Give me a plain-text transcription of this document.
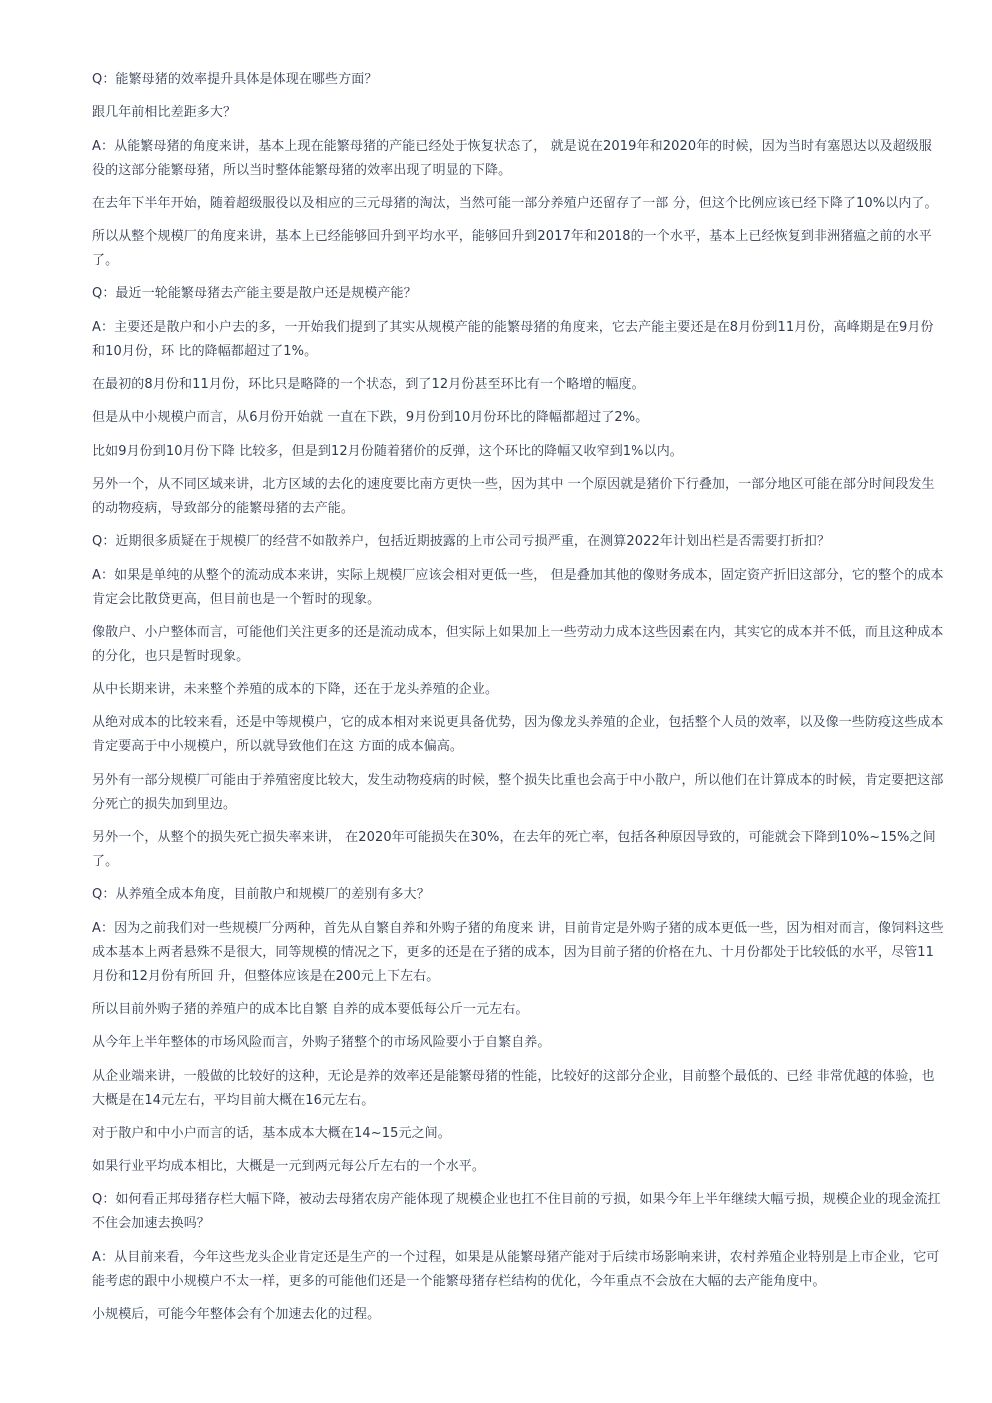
Q：能繁母猪的效率提升具体是体现在哪些方面？

跟几年前相比差距多大？

A：从能繁母猪的角度来讲，基本上现在能繁母猪的产能已经处于恢复状态了， 就是说在2019年和2020年的时候，因为当时有塞恩达以及超级服役的这部分能繁母猪，所以当时整体能繁母猪的效率出现了明显的下降。

在去年下半年开始，随着超级服役以及相应的三元母猪的淘汰，当然可能一部分养殖户还留存了一部 分，但这个比例应该已经下降了10%以内了。

所以从整个规模厂的角度来讲，基本上已经能够回升到平均水平，能够回升到2017年和2018的一个水平，基本上已经恢复到非洲猪瘟之前的水平了。

Q：最近一轮能繁母猪去产能主要是散户还是规模产能？

A：主要还是散户和小户去的多，一开始我们提到了其实从规模产能的能繁母猪的角度来，它去产能主要还是在8月份到11月份，高峰期是在9月份和10月份，环 比的降幅都超过了1%。

在最初的8月份和11月份，环比只是略降的一个状态，到了12月份甚至环比有一个略增的幅度。

但是从中小规模户而言，从6月份开始就 一直在下跌，9月份到10月份环比的降幅都超过了2%。

比如9月份到10月份下降 比较多，但是到12月份随着猪价的反弹，这个环比的降幅又收窄到1%以内。

另外一个，从不同区域来讲，北方区域的去化的速度要比南方更快一些，因为其中 一个原因就是猪价下行叠加，一部分地区可能在部分时间段发生的动物疫病，导致部分的能繁母猪的去产能。

Q：近期很多质疑在于规模厂的经营不如散养户，包括近期披露的上市公司亏损严重，在测算2022年计划出栏是否需要打折扣？

A：如果是单纯的从整个的流动成本来讲，实际上规模厂应该会相对更低一些， 但是叠加其他的像财务成本，固定资产折旧这部分，它的整个的成本肯定会比散贷更高，但目前也是一个暂时的现象。

像散户、小户整体而言，可能他们关注更多的还是流动成本，但实际上如果加上一些劳动力成本这些因素在内，其实它的成本并不低，而且这种成本的分化，也只是暂时现象。

从中长期来讲，未来整个养殖的成本的下降，还在于龙头养殖的企业。

从绝对成本的比较来看，还是中等规模户，它的成本相对来说更具备优势，因为像龙头养殖的企业，包括整个人员的效率，以及像一些防疫这些成本肯定要高于中小规模户，所以就导致他们在这 方面的成本偏高。

另外有一部分规模厂可能由于养殖密度比较大，发生动物疫病的时候，整个损失比重也会高于中小散户，所以他们在计算成本的时候，肯定要把这部分死亡的损失加到里边。

另外一个，从整个的损失死亡损失率来讲， 在2020年可能损失在30%，在去年的死亡率，包括各种原因导致的，可能就会下降到10%~15%之间了。

Q：从养殖全成本角度，目前散户和规模厂的差别有多大？

A：因为之前我们对一些规模厂分两种，首先从自繁自养和外购子猪的角度来 讲，目前肯定是外购子猪的成本更低一些，因为相对而言，像饲料这些成本基本上两者悬殊不是很大，同等规模的情况之下，更多的还是在子猪的成本，因为目前子猪的价格在九、十月份都处于比较低的水平，尽管11月份和12月份有所回 升，但整体应该是在200元上下左右。

所以目前外购子猪的养殖户的成本比自繁 自养的成本要低每公斤一元左右。

从今年上半年整体的市场风险而言，外购子猪整个的市场风险要小于自繁自养。

从企业端来讲，一般做的比较好的这种，无论是养的效率还是能繁母猪的性能，比较好的这部分企业，目前整个最低的、已经 非常优越的体验，也大概是在14元左右，平均目前大概在16元左右。

对于散户和中小户而言的话，基本成本大概在14~15元之间。

如果行业平均成本相比，大概是一元到两元每公斤左右的一个水平。

Q：如何看正邦母猪存栏大幅下降，被动去母猪农房产能体现了规模企业也扛不住目前的亏损，如果今年上半年继续大幅亏损，规模企业的现金流扛不住会加速去换吗？

A：从目前来看，今年这些龙头企业肯定还是生产的一个过程，如果是从能繁母猪产能对于后续市场影响来讲，农村养殖企业特别是上市企业，它可能考虑的跟中小规模户不太一样，更多的可能他们还是一个能繁母猪存栏结构的优化，今年重点不会放在大幅的去产能角度中。

小规模后，可能今年整体会有个加速去化的过程。
